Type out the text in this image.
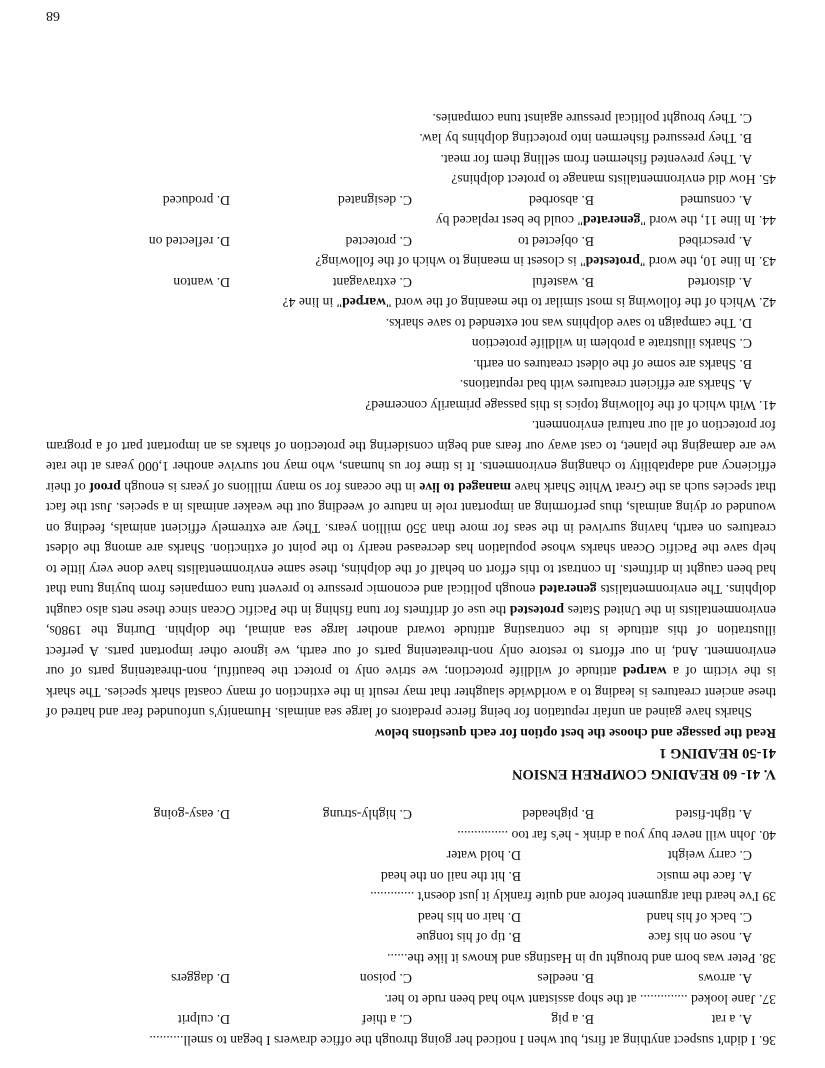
36. I didn't suspect anything at first, but when I noticed her going through the office drawers I began to smell..........

A. a rat
B. a pig
C. a thief
D. culprit

37. Jane looked .............. at the shop assistant who had been rude to her.

A. arrows
B. needles
C. poison
D. daggers

38. Peter was born and brought up in Hastings and knows it like the......

A. nose on his face
B. tip of his tongue
C. back of his hand
D. hair on his head

39 I've heard that argument before and quite frankly it just doesn't .............

A. face the music
B. hit the nail on the head
C. carry weight
D. hold water

40. John will never buy you a drink - he's far too ...............

A. tight-fisted
B. pigheaded
C. highly-strung
D. easy-going

V. 41- 60 READING COMPREH ENSION

41-50 READING 1

Read the passage and choose the best option for each questions below

Sharks have gained an unfair reputation for being fierce predators of large sea animals. Humanity's unfounded fear and hatred of these ancient creatures is leading to a worldwide slaughter that may result in the extinction of many coastal shark species. The shark is the victim of a warped attitude of wildlife protection; we strive only to protect the beautiful, non-threatening parts of our environment. And, in our efforts to restore only non-threatening parts of our earth, we ignore other important parts. A perfect illustration of this attitude is the contrasting attitude toward another large sea animal, the dolphin. During the 1980s, environmentalists in the United States protested the use of driftnets for tuna fishing in the Pacific Ocean since these nets also caught dolphins. The environmentalists generated enough political and economic pressure to prevent tuna companies from buying tuna that had been caught in driftnets. In contrast to this effort on behalf of the dolphins, these same environmentalists have done very little to help save the Pacific Ocean sharks whose population has decreased nearly to the point of extinction. Sharks are among the oldest creatures on earth, having survived in the seas for more than 350 million years. They are extremely efficient animals, feeding on wounded or dying animals, thus performing an important role in nature of weeding out the weaker animals in a species. Just the fact that species such as the Great White Shark have managed to live in the oceans for so many millions of years is enough proof of their efficiency and adaptability to changing environments. It is time for us humans, who may not survive another 1,000 years at the rate we are damaging the planet, to cast away our fears and begin considering the protection of sharks as an important part of a program for protection of all our natural environment.

41. With which of the following topics is this passage primarily concerned?

A. Sharks are efficient creatures with bad reputations.

B. Sharks are some of the oldest creatures on earth.

C. Sharks illustrate a problem in wildlife protection

D. The campaign to save dolphins was not extended to save sharks.

42. Which of the following is most similar to the meaning of the word "warped" in line 4?

A. distorted
B. wasteful
C. extravagant
D. wanton

43. In line 10, the word "protested" is closest in meaning to which of the following?

A. prescribed
B. objected to
C. protected
D. reflected on

44. In line 11, the word "generated" could be best replaced by

A. consumed
B. absorbed
C. designated
D. produced

45. How did environmentalists manage to protect dolphins?

A. They prevented fishermen from selling them for meat.

B. They pressured fishermen into protecting dolphins by law.

C. They brought political pressure against tuna companies.

68
